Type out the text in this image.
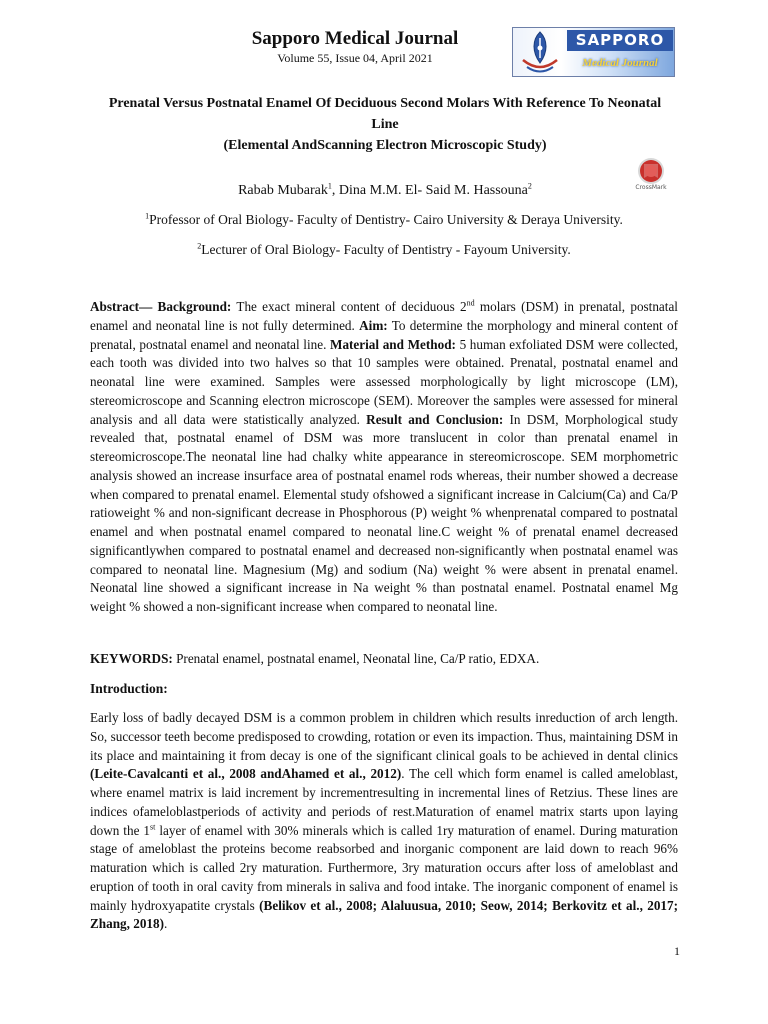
Sapporo Medical Journal
Volume 55, Issue 04, April 2021
SAPPORO
Medical Journal
Prenatal Versus Postnatal Enamel Of Deciduous Second Molars With Reference To Neonatal Line
(Elemental AndScanning Electron Microscopic Study)
Rabab Mubarak$^1$, Dina M.M. El- Said M. Hassouna$^2$	CrossMark
$^1$Professor of Oral Biology- Faculty of Dentistry- Cairo University & Deraya University.
$^2$Lecturer of Oral Biology- Faculty of Dentistry - Fayoum University.

Abstract— Background: The exact mineral content of deciduous 2nd molars (DSM) in prenatal, postnatal enamel and neonatal line is not fully determined. Aim: To determine the morphology and mineral content of prenatal, postnatal enamel and neonatal line. Material and Method: 5 human exfoliated DSM were collected, each tooth was divided into two halves so that 10 samples were obtained. Prenatal, postnatal enamel and neonatal line were examined. Samples were assessed morphologically by light microscope (LM), stereomicroscope and Scanning electron microscope (SEM). Moreover the samples were assessed for mineral analysis and all data were statistically analyzed. Result and Conclusion: In DSM, Morphological study revealed that, postnatal enamel of DSM was more translucent in color than prenatal enamel in stereomicroscope.The neonatal line had chalky white appearance in stereomicroscope. SEM morphometric analysis showed an increase insurface area of postnatal enamel rods whereas, their number showed a decrease when compared to prenatal enamel. Elemental study ofshowed a significant increase in Calcium(Ca) and Ca/P ratioweight % and non-significant decrease in Phosphorous (P) weight % whenprenatal compared to postnatal enamel and when postnatal enamel compared to neonatal line.C weight % of prenatal enamel decreased significantlywhen compared to postnatal enamel and decreased non-significantly when postnatal enamel was compared to neonatal line. Magnesium (Mg) and sodium (Na) weight % were absent in prenatal enamel. Neonatal line showed a significant increase in Na weight % than postnatal enamel. Postnatal enamel Mg weight % showed a non-significant increase when compared to neonatal line.

KEYWORDS: Prenatal enamel, postnatal enamel, Neonatal line, Ca/P ratio, EDXA.

Introduction:

Early loss of badly decayed DSM is a common problem in children which results inreduction of arch length. So, successor teeth become predisposed to crowding, rotation or even its impaction. Thus, maintaining DSM in its place and maintaining it from decay is one of the significant clinical goals to be achieved in dental clinics (Leite-Cavalcanti et al., 2008 andAhamed et al., 2012). The cell which form enamel is called ameloblast, where enamel matrix is laid increment by incrementresulting in incremental lines of Retzius. These lines are indices ofameloblastperiods of activity and periods of rest.Maturation of enamel matrix starts upon laying down the 1st layer of enamel with 30% minerals which is called 1ry maturation of enamel. During maturation stage of ameloblast the proteins become reabsorbed and inorganic component are laid down to reach 96% maturation which is called 2ry maturation. Furthermore, 3ry maturation occurs after loss of ameloblast and eruption of tooth in oral cavity from minerals in saliva and food intake. The inorganic component of enamel is mainly hydroxyapatite crystals (Belikov et al., 2008; Alaluusua, 2010; Seow, 2014; Berkovitz et al., 2017; Zhang, 2018).

1
